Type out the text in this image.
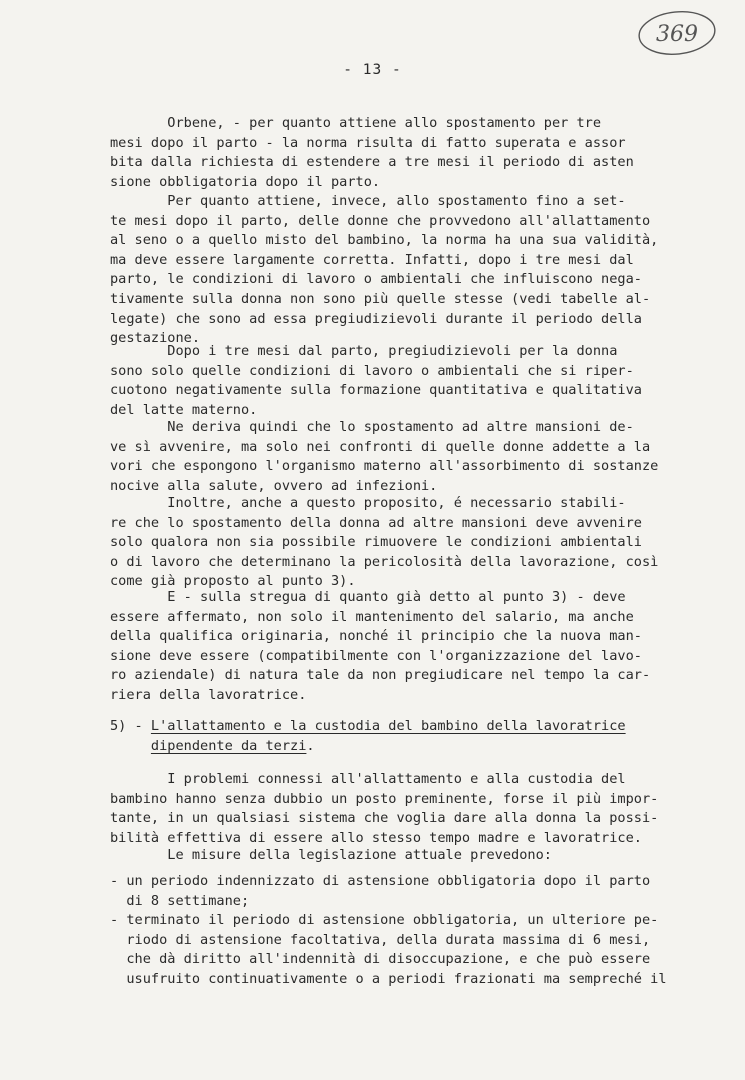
369
- 13 -
Orbene, - per quanto attiene allo spostamento per tre
mesi dopo il parto - la norma risulta di fatto superata e assor
bita dalla richiesta di estendere a tre mesi il periodo di asten
sione obbligatoria dopo il parto.
Per quanto attiene, invece, allo spostamento fino a set-
te mesi dopo il parto, delle donne che provvedono all'allattamento
al seno o a quello misto del bambino, la norma ha una sua validità,
ma deve essere largamente corretta. Infatti, dopo i tre mesi dal
parto, le condizioni di lavoro o ambientali che influiscono nega-
tivamente sulla donna non sono più quelle stesse (vedi tabelle al-
legate) che sono ad essa pregiudizievoli durante il periodo della
gestazione.
Dopo i tre mesi dal parto, pregiudizievoli per la donna
sono solo quelle condizioni di lavoro o ambientali che si riper-
cuotono negativamente sulla formazione quantitativa e qualitativa
del latte materno.
Ne deriva quindi che lo spostamento ad altre mansioni de-
ve sì avvenire, ma solo nei confronti di quelle donne addette a la
vori che espongono l'organismo materno all'assorbimento di sostanze
nocive alla salute, ovvero ad infezioni.
Inoltre, anche a questo proposito, é necessario stabili-
re che lo spostamento della donna ad altre mansioni deve avvenire
solo qualora non sia possibile rimuovere le condizioni ambientali
o di lavoro che determinano la pericolosità della lavorazione, così
come già proposto al punto 3).
E - sulla stregua di quanto già detto al punto 3) - deve
essere affermato, non solo il mantenimento del salario, ma anche
della qualifica originaria, nonché il principio che la nuova man-
sione deve essere (compatibilmente con l'organizzazione del lavo-
ro aziendale) di natura tale da non pregiudicare nel tempo la car-
riera della lavoratrice.
5) - L'allattamento e la custodia del bambino della lavoratrice
dipendente da terzi.
I problemi connessi all'allattamento e alla custodia del
bambino hanno senza dubbio un posto preminente, forse il più impor-
tante, in un qualsiasi sistema che voglia dare alla donna la possi-
bilità effettiva di essere allo stesso tempo madre e lavoratrice.
Le misure della legislazione attuale prevedono:
- un periodo indennizzato di astensione obbligatoria dopo il parto
di 8 settimane;
- terminato il periodo di astensione obbligatoria, un ulteriore pe-
riodo di astensione facoltativa, della durata massima di 6 mesi,
che dà diritto all'indennità di disoccupazione, e che può essere
usufruito continuativamente o a periodi frazionati ma sempreché il
